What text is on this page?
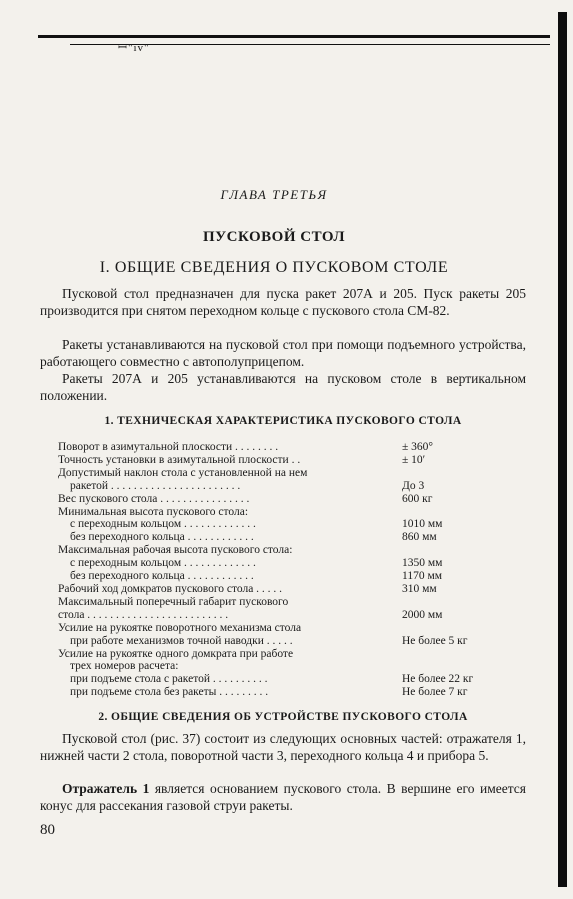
ꟷ"ıv"
ГЛАВА ТРЕТЬЯ
ПУСКОВОЙ СТОЛ
I. ОБЩИЕ СВЕДЕНИЯ О ПУСКОВОМ СТОЛЕ

Пусковой стол предназначен для пуска ракет 207А и 205. Пуск ракеты 205 производится при снятом переходном кольце с пускового стола СМ-82.

Ракеты устанавливаются на пусковой стол при помощи подъемного устройства, работающего совместно с автополуприцепом.

Ракеты 207А и 205 устанавливаются на пусковом столе в вертикальном положении.

1. ТЕХНИЧЕСКАЯ ХАРАКТЕРИСТИКА ПУСКОВОГО СТОЛА
Поворот в азимутальной плоскости . . . . . . . .	± 360°
Точность установки в азимутальной плоскости . .	± 10′
Допустимый наклон стола с установленной на нем
ракетой . . . . . . . . . . . . . . . . . . . . . . .	До 3
Вес пускового стола . . . . . . . . . . . . . . . .	600 кг
Минимальная высота пускового стола:
с переходным кольцом . . . . . . . . . . . . .	1010 мм
без переходного кольца . . . . . . . . . . . .	860 мм
Максимальная рабочая высота пускового стола:
с переходным кольцом . . . . . . . . . . . . .	1350 мм
без переходного кольца . . . . . . . . . . . .	1170 мм
Рабочий ход домкратов пускового стола . . . . .	310 мм
Максимальный поперечный габарит пускового
стола . . . . . . . . . . . . . . . . . . . . . . . . .	2000 мм
Усилие на рукоятке поворотного механизма стола
при работе механизмов точной наводки . . . . .	Не более 5 кг
Усилие на рукоятке одного домкрата при работе
трех номеров расчета:
при подъеме стола с ракетой . . . . . . . . . .	Не более 22 кг
при подъеме стола без ракеты . . . . . . . . .	Не более 7 кг
2. ОБЩИЕ СВЕДЕНИЯ ОБ УСТРОЙСТВЕ ПУСКОВОГО СТОЛА

Пусковой стол (рис. 37) состоит из следующих основных частей: отражателя 1, нижней части 2 стола, поворотной части 3, переходного кольца 4 и прибора 5.

Отражатель 1 является основанием пускового стола. В вершине его имеется конус для рассекания газовой струи ракеты.

80
